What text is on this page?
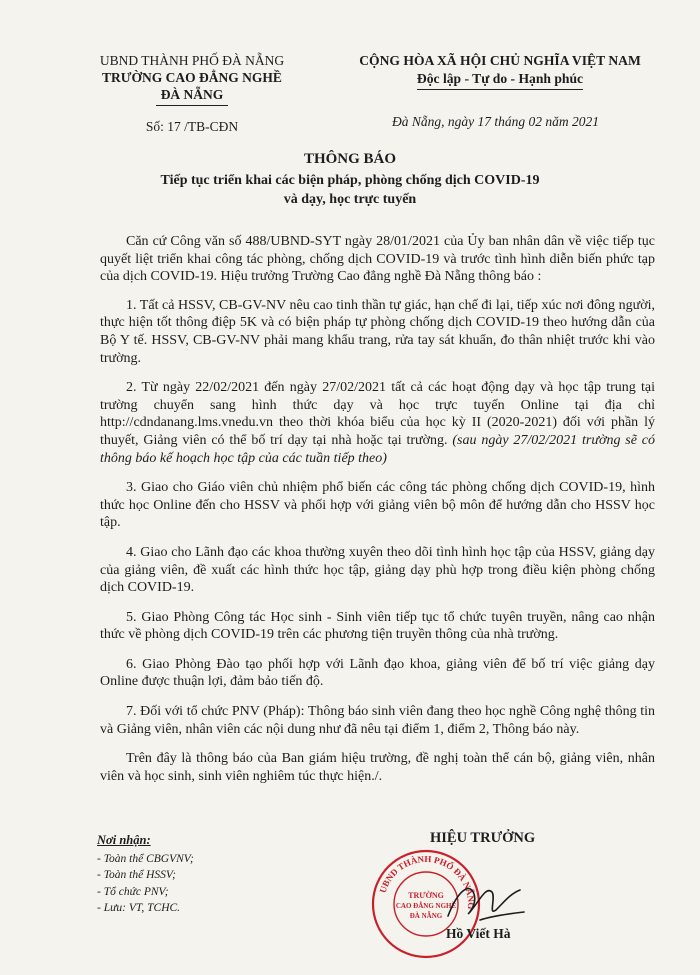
UBND THÀNH PHỐ ĐÀ NẴNG
TRƯỜNG CAO ĐẲNG NGHỀ
ĐÀ NẴNG
Số: 17 /TB-CĐN
CỘNG HÒA XÃ HỘI CHỦ NGHĨA VIỆT NAM
Độc lập - Tự do - Hạnh phúc
Đà Nẵng, ngày 17 tháng 02 năm 2021
THÔNG BÁO
Tiếp tục triển khai các biện pháp, phòng chống dịch COVID-19
và dạy, học trực tuyến

Căn cứ Công văn số 488/UBND-SYT ngày 28/01/2021 của Ủy ban nhân dân về việc tiếp tục quyết liệt triển khai công tác phòng, chống dịch COVID-19 và trước tình hình diễn biến phức tạp của dịch COVID-19. Hiệu trưởng Trường Cao đẳng nghề Đà Nẵng thông báo :

1. Tất cả HSSV, CB-GV-NV nêu cao tinh thần tự giác, hạn chế đi lại, tiếp xúc nơi đông người, thực hiện tốt thông điệp 5K và có biện pháp tự phòng chống dịch COVID-19 theo hướng dẫn của Bộ Y tế. HSSV, CB-GV-NV phải mang khẩu trang, rửa tay sát khuẩn, đo thân nhiệt trước khi vào trường.

2. Từ ngày 22/02/2021 đến ngày 27/02/2021 tất cả các hoạt động dạy và học tập trung tại trường chuyển sang hình thức dạy và học trực tuyến Online tại địa chỉ http://cdndanang.lms.vnedu.vn theo thời khóa biểu của học kỳ II (2020-2021) đối với phần lý thuyết, Giảng viên có thể bố trí dạy tại nhà hoặc tại trường. (sau ngày 27/02/2021 trường sẽ có thông báo kế hoạch học tập của các tuần tiếp theo)

3. Giao cho Giáo viên chủ nhiệm phổ biến các công tác phòng chống dịch COVID-19, hình thức học Online đến cho HSSV và phối hợp với giảng viên bộ môn để hướng dẫn cho HSSV học tập.

4. Giao cho Lãnh đạo các khoa thường xuyên theo dõi tình hình học tập của HSSV, giảng dạy của giảng viên, đề xuất các hình thức học tập, giảng dạy phù hợp trong điều kiện phòng chống dịch COVID-19.

5. Giao Phòng Công tác Học sinh - Sinh viên tiếp tục tổ chức tuyên truyền, nâng cao nhận thức về phòng dịch COVID-19 trên các phương tiện truyền thông của nhà trường.

6. Giao Phòng Đào tạo phối hợp với Lãnh đạo khoa, giảng viên để bố trí việc giảng dạy Online được thuận lợi, đảm bảo tiến độ.

7. Đối với tổ chức PNV (Pháp): Thông báo sinh viên đang theo học nghề Công nghệ thông tin và Giảng viên, nhân viên các nội dung như đã nêu tại điểm 1, điểm 2, Thông báo này.

Trên đây là thông báo của Ban giám hiệu trường, đề nghị toàn thể cán bộ, giảng viên, nhân viên và học sinh, sinh viên nghiêm túc thực hiện./.

Nơi nhận:
- Toàn thể CBGVNV;
- Toàn thể HSSV;
- Tổ chức PNV;
- Lưu: VT, TCHC.
HIỆU TRƯỞNG
UBND THÀNH PHỐ ĐÀ NẴNG
TRƯỜNG
CAO ĐẲNG NGHỀ
ĐÀ NẴNG
Hồ Viết Hà
